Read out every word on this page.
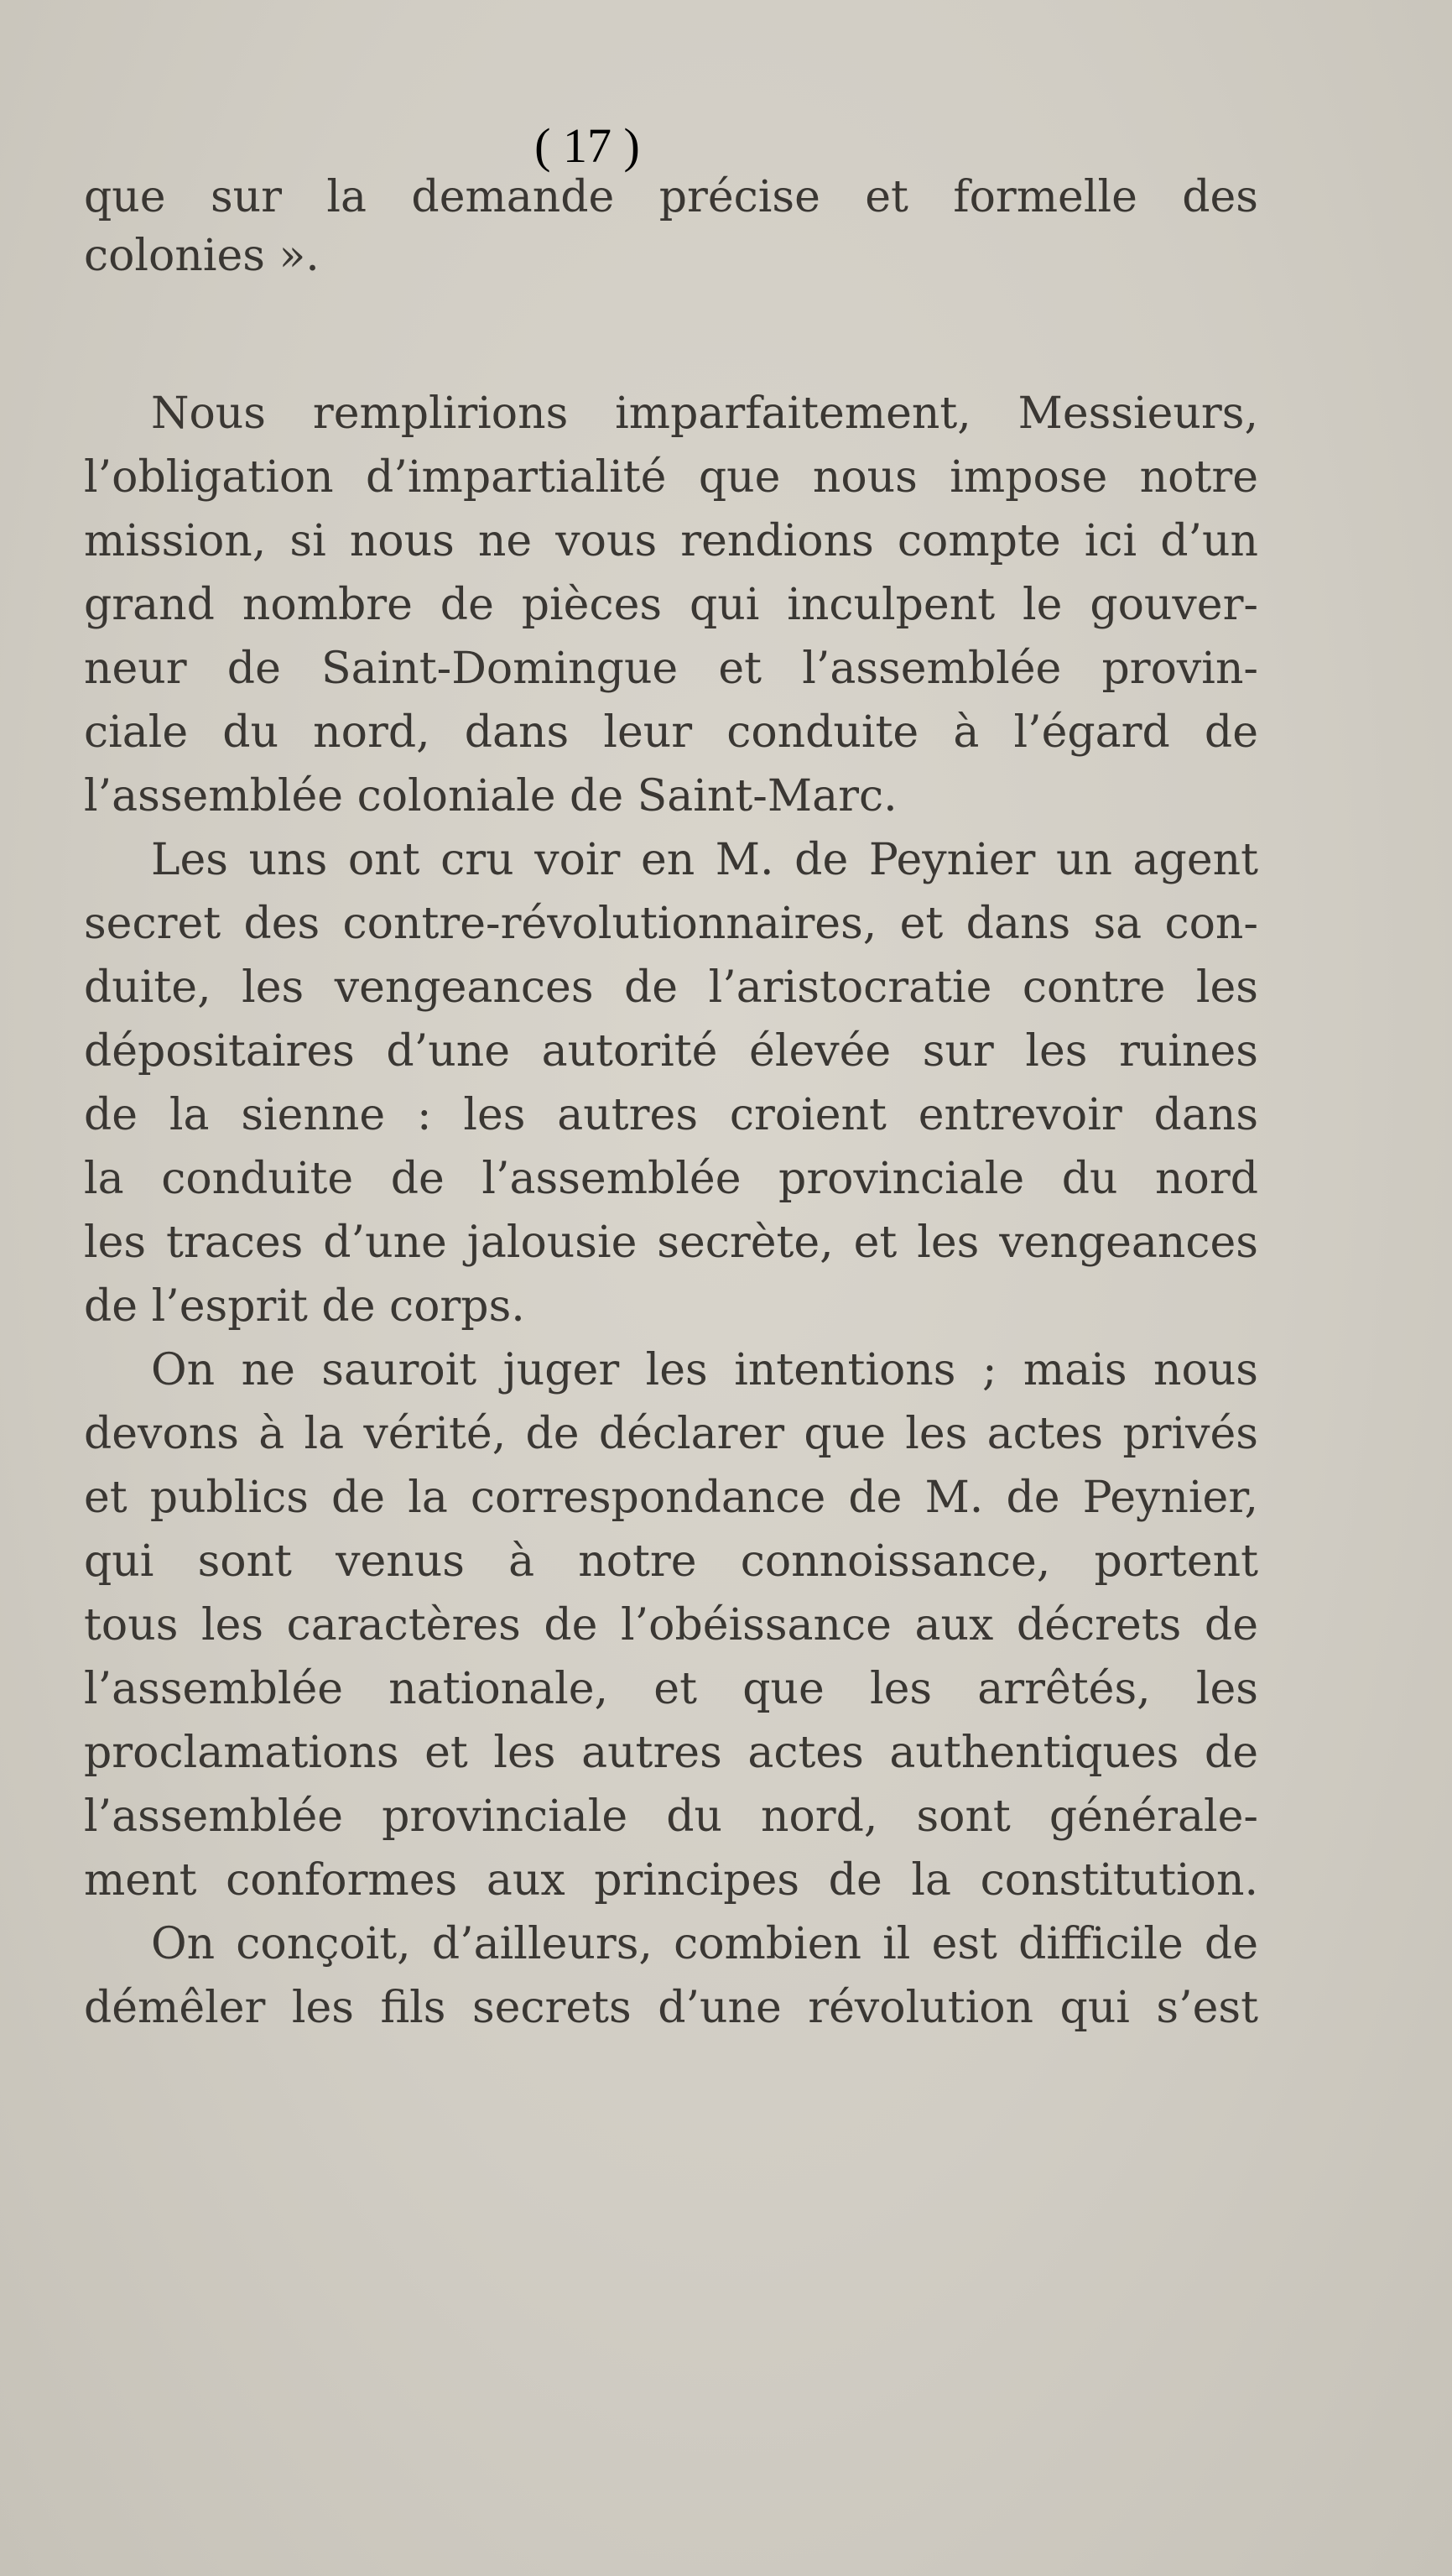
( 17 )
que sur la demande précise et formelle des
colonies ».
Nous remplirions imparfaitement, Messieurs,
l’obligation d’impartialité que nous impose notre
mission, si nous ne vous rendions compte ici d’un
grand nombre de pièces qui inculpent le gouver-
neur de Saint-Domingue et l’assemblée provin-
ciale du nord, dans leur conduite à l’égard de
l’assemblée coloniale de Saint-Marc.
Les uns ont cru voir en M. de Peynier un agent
secret des contre-révolutionnaires, et dans sa con-
duite, les vengeances de l’aristocratie contre les
dépositaires d’une autorité élevée sur les ruines
de la sienne : les autres croient entrevoir dans
la conduite de l’assemblée provinciale du nord
les traces d’une jalousie secrète, et les vengeances
de l’esprit de corps.
On ne sauroit juger les intentions ; mais nous
devons à la vérité, de déclarer que les actes privés
et publics de la correspondance de M. de Peynier,
qui sont venus à notre connoissance, portent
tous les caractères de l’obéissance aux décrets de
l’assemblée nationale, et que les arrêtés, les
proclamations et les autres actes authentiques de
l’assemblée provinciale du nord, sont générale-
ment conformes aux principes de la constitution.
On conçoit, d’ailleurs, combien il est difficile de
démêler les fils secrets d’une révolution qui s’est
